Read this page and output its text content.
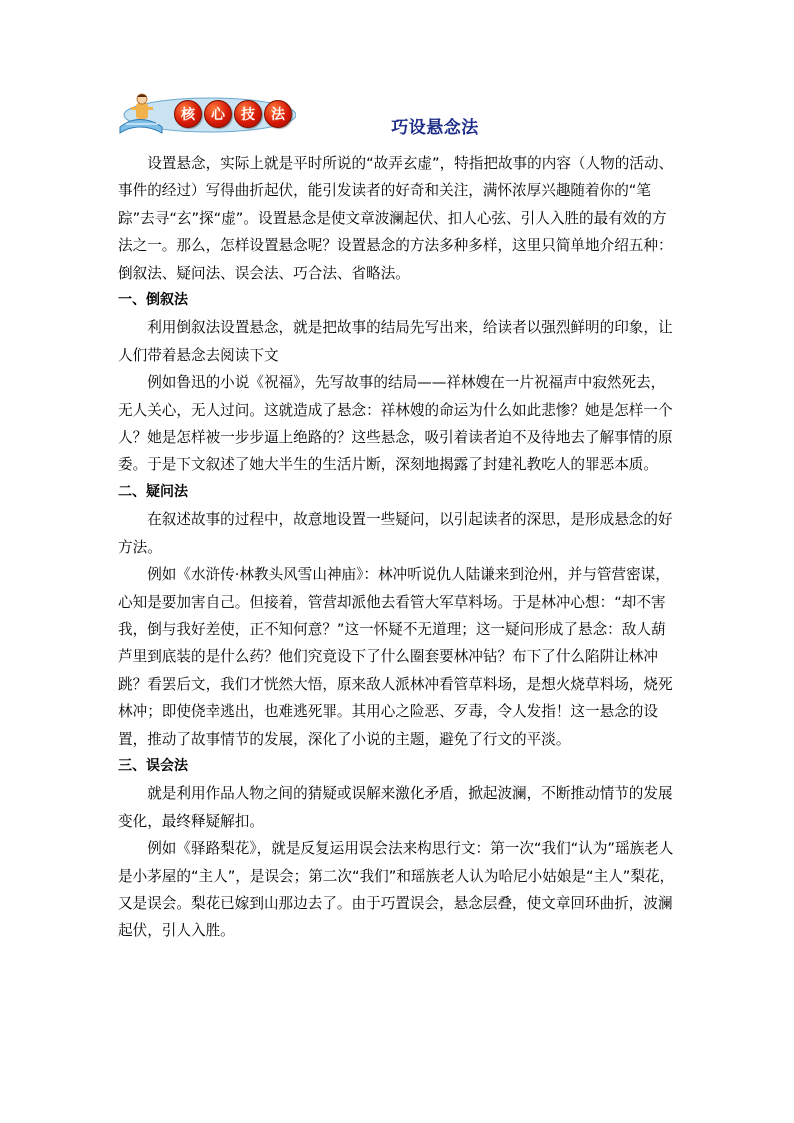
核	心	技	法
巧设悬念法

设置悬念，实际上就是平时所说的“故弄玄虚”，特指把故事的内容（人物的活动、事件的经过）写得曲折起伏，能引发读者的好奇和关注，满怀浓厚兴趣随着你的“笔踪”去寻“玄”探“虚”。设置悬念是使文章波澜起伏、扣人心弦、引人入胜的最有效的方法之一。那么，怎样设置悬念呢？设置悬念的方法多种多样，这里只简单地介绍五种：倒叙法、疑问法、误会法、巧合法、省略法。

一、倒叙法

利用倒叙法设置悬念，就是把故事的结局先写出来，给读者以强烈鲜明的印象，让人们带着悬念去阅读下文

例如鲁迅的小说《祝福》，先写故事的结局——祥林嫂在一片祝福声中寂然死去，无人关心，无人过问。这就造成了悬念：祥林嫂的命运为什么如此悲惨？她是怎样一个人？她是怎样被一步步逼上绝路的？这些悬念，吸引着读者迫不及待地去了解事情的原委。于是下文叙述了她大半生的生活片断，深刻地揭露了封建礼教吃人的罪恶本质。

二、疑问法

在叙述故事的过程中，故意地设置一些疑问，以引起读者的深思，是形成悬念的好方法。

例如《水浒传·林教头风雪山神庙》：林冲听说仇人陆谦来到沧州，并与管营密谋，心知是要加害自己。但接着，管营却派他去看管大军草料场。于是林冲心想：“却不害我，倒与我好差使，正不知何意？”这一怀疑不无道理；这一疑问形成了悬念：敌人葫芦里到底装的是什么药？他们究竟设下了什么圈套要林冲钻？布下了什么陷阱让林冲跳？看罢后文，我们才恍然大悟，原来敌人派林冲看管草料场，是想火烧草料场，烧死林冲；即使侥幸逃出，也难逃死罪。其用心之险恶、歹毒，令人发指！这一悬念的设置，推动了故事情节的发展，深化了小说的主题，避免了行文的平淡。

三、误会法

就是利用作品人物之间的猜疑或误解来激化矛盾，掀起波澜，不断推动情节的发展变化，最终释疑解扣。

例如《驿路梨花》，就是反复运用误会法来构思行文：第一次“我们“认为”瑶族老人是小茅屋的“主人”，是误会；第二次“我们”和瑶族老人认为哈尼小姑娘是“主人”梨花，又是误会。梨花已嫁到山那边去了。由于巧置误会，悬念层叠，使文章回环曲折，波澜起伏，引人入胜。
